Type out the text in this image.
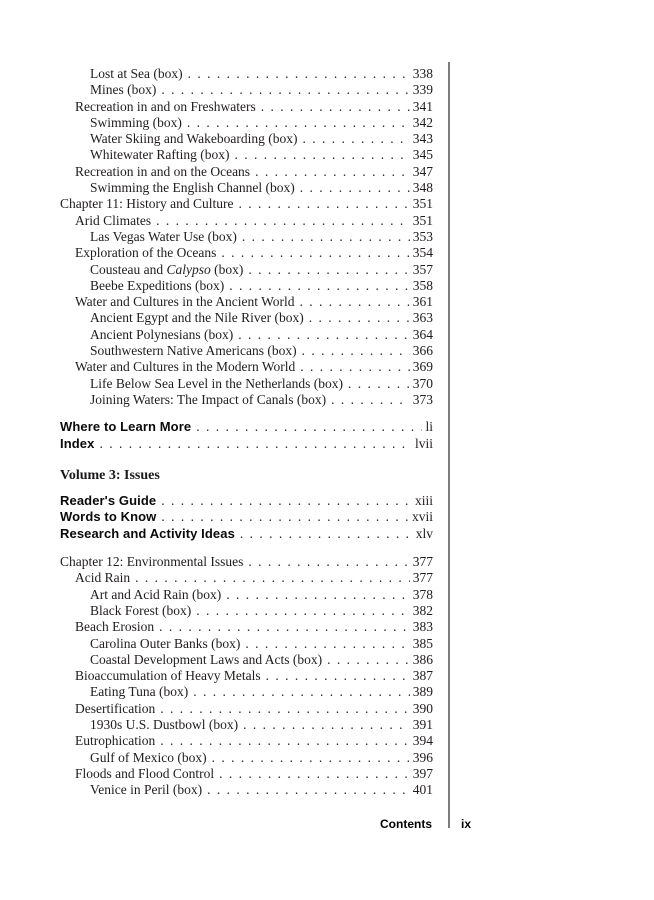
Lost at Sea (box) . . .	338
Mines (box) . . .	339
Recreation in and on Freshwaters . . .	341
Swimming (box) . . .	342
Water Skiing and Wakeboarding (box) . . .	343
Whitewater Rafting (box) . . .	345
Recreation in and on the Oceans . . .	347
Swimming the English Channel (box) . . .	348
Chapter 11: History and Culture . . .	351
Arid Climates . . .	351
Las Vegas Water Use (box) . . .	353
Exploration of the Oceans . . .	354
Cousteau and Calypso (box) . . .	357
Beebe Expeditions (box) . . .	358
Water and Cultures in the Ancient World . . .	361
Ancient Egypt and the Nile River (box) . . .	363
Ancient Polynesians (box) . . .	364
Southwestern Native Americans (box) . . .	366
Water and Cultures in the Modern World . . .	369
Life Below Sea Level in the Netherlands (box) . . .	370
Joining Waters: The Impact of Canals (box) . . .	373
Where to Learn More . . .	li
Index . . .	lvii
Volume 3: Issues
Reader's Guide . . .	xiii
Words to Know . . .	xvii
Research and Activity Ideas . . .	xlv
Chapter 12: Environmental Issues . . .	377
Acid Rain . . .	377
Art and Acid Rain (box) . . .	378
Black Forest (box) . . .	382
Beach Erosion . . .	383
Carolina Outer Banks (box) . . .	385
Coastal Development Laws and Acts (box) . . .	386
Bioaccumulation of Heavy Metals . . .	387
Eating Tuna (box) . . .	389
Desertification . . .	390
1930s U.S. Dustbowl (box) . . .	391
Eutrophication . . .	394
Gulf of Mexico (box) . . .	396
Floods and Flood Control . . .	397
Venice in Peril (box) . . .	401
Contents ix
